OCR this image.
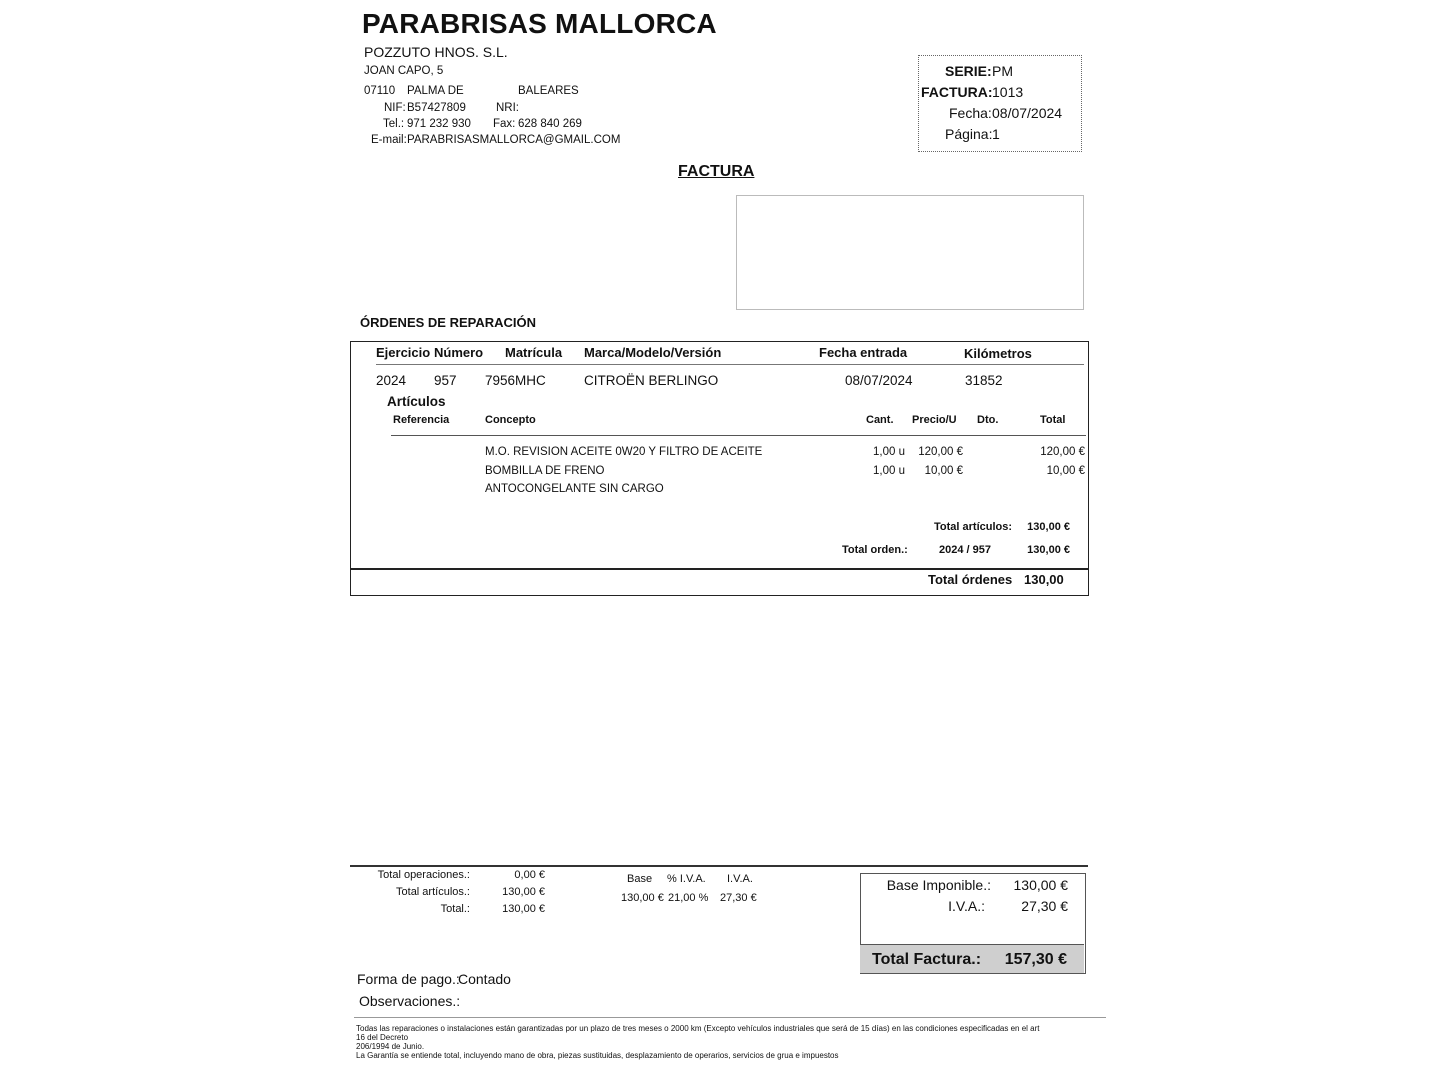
PARABRISAS MALLORCA
POZZUTO HNOS. S.L.
JOAN CAPO, 5
07110 PALMA DE	BALEARES
NIF: B57427809	NRI:
Tel.: 971 232 930 Fax: 628 840 269
E-mail: PARABRISASMALLORCA@GMAIL.COM
SERIE: PM
FACTURA: 1013
Fecha: 08/07/2024
Página: 1
FACTURA
ÓRDENES DE REPARACIÓN
Ejercicio Número Matrícula Marca/Modelo/Versión	Fecha entrada	Kilómetros
2024 957 7956MHC	CITROËN BERLINGO	08/07/2024	31852
Artículos
Referencia	Concepto	Cant. Precio/U Dto.	Total
M.O. REVISION ACEITE 0W20 Y FILTRO DE ACEITE	1,00 u 120,00 €	120,00 €
BOMBILLA DE FRENO	1,00 u 10,00 €	10,00 €
ANTOCONGELANTE SIN CARGO
Total artículos: 130,00 €
Total orden.:	2024 / 957	130,00 €
Total órdenes 130,00
Total operaciones.:	0,00 €
Total artículos.:	130,00 €
Total.:	130,00 €
Base % I.V.A. I.V.A.
130,00 € 21,00 % 27,30 €
Base Imponible.: 130,00 €
I.V.A.:	27,30 €
Total Factura.: 157,30 €
Forma de pago.:
Contado
Observaciones.:
Todas las reparaciones o instalaciones están garantizadas por un plazo de tres meses o 2000 km (Excepto vehículos industriales que será de 15 días) en las condiciones especificadas en el art
16 del Decreto
206/1994 de Junio.
La Garantía se entiende total, incluyendo mano de obra, piezas sustituidas, desplazamiento de operarios, servicios de grua e impuestos
